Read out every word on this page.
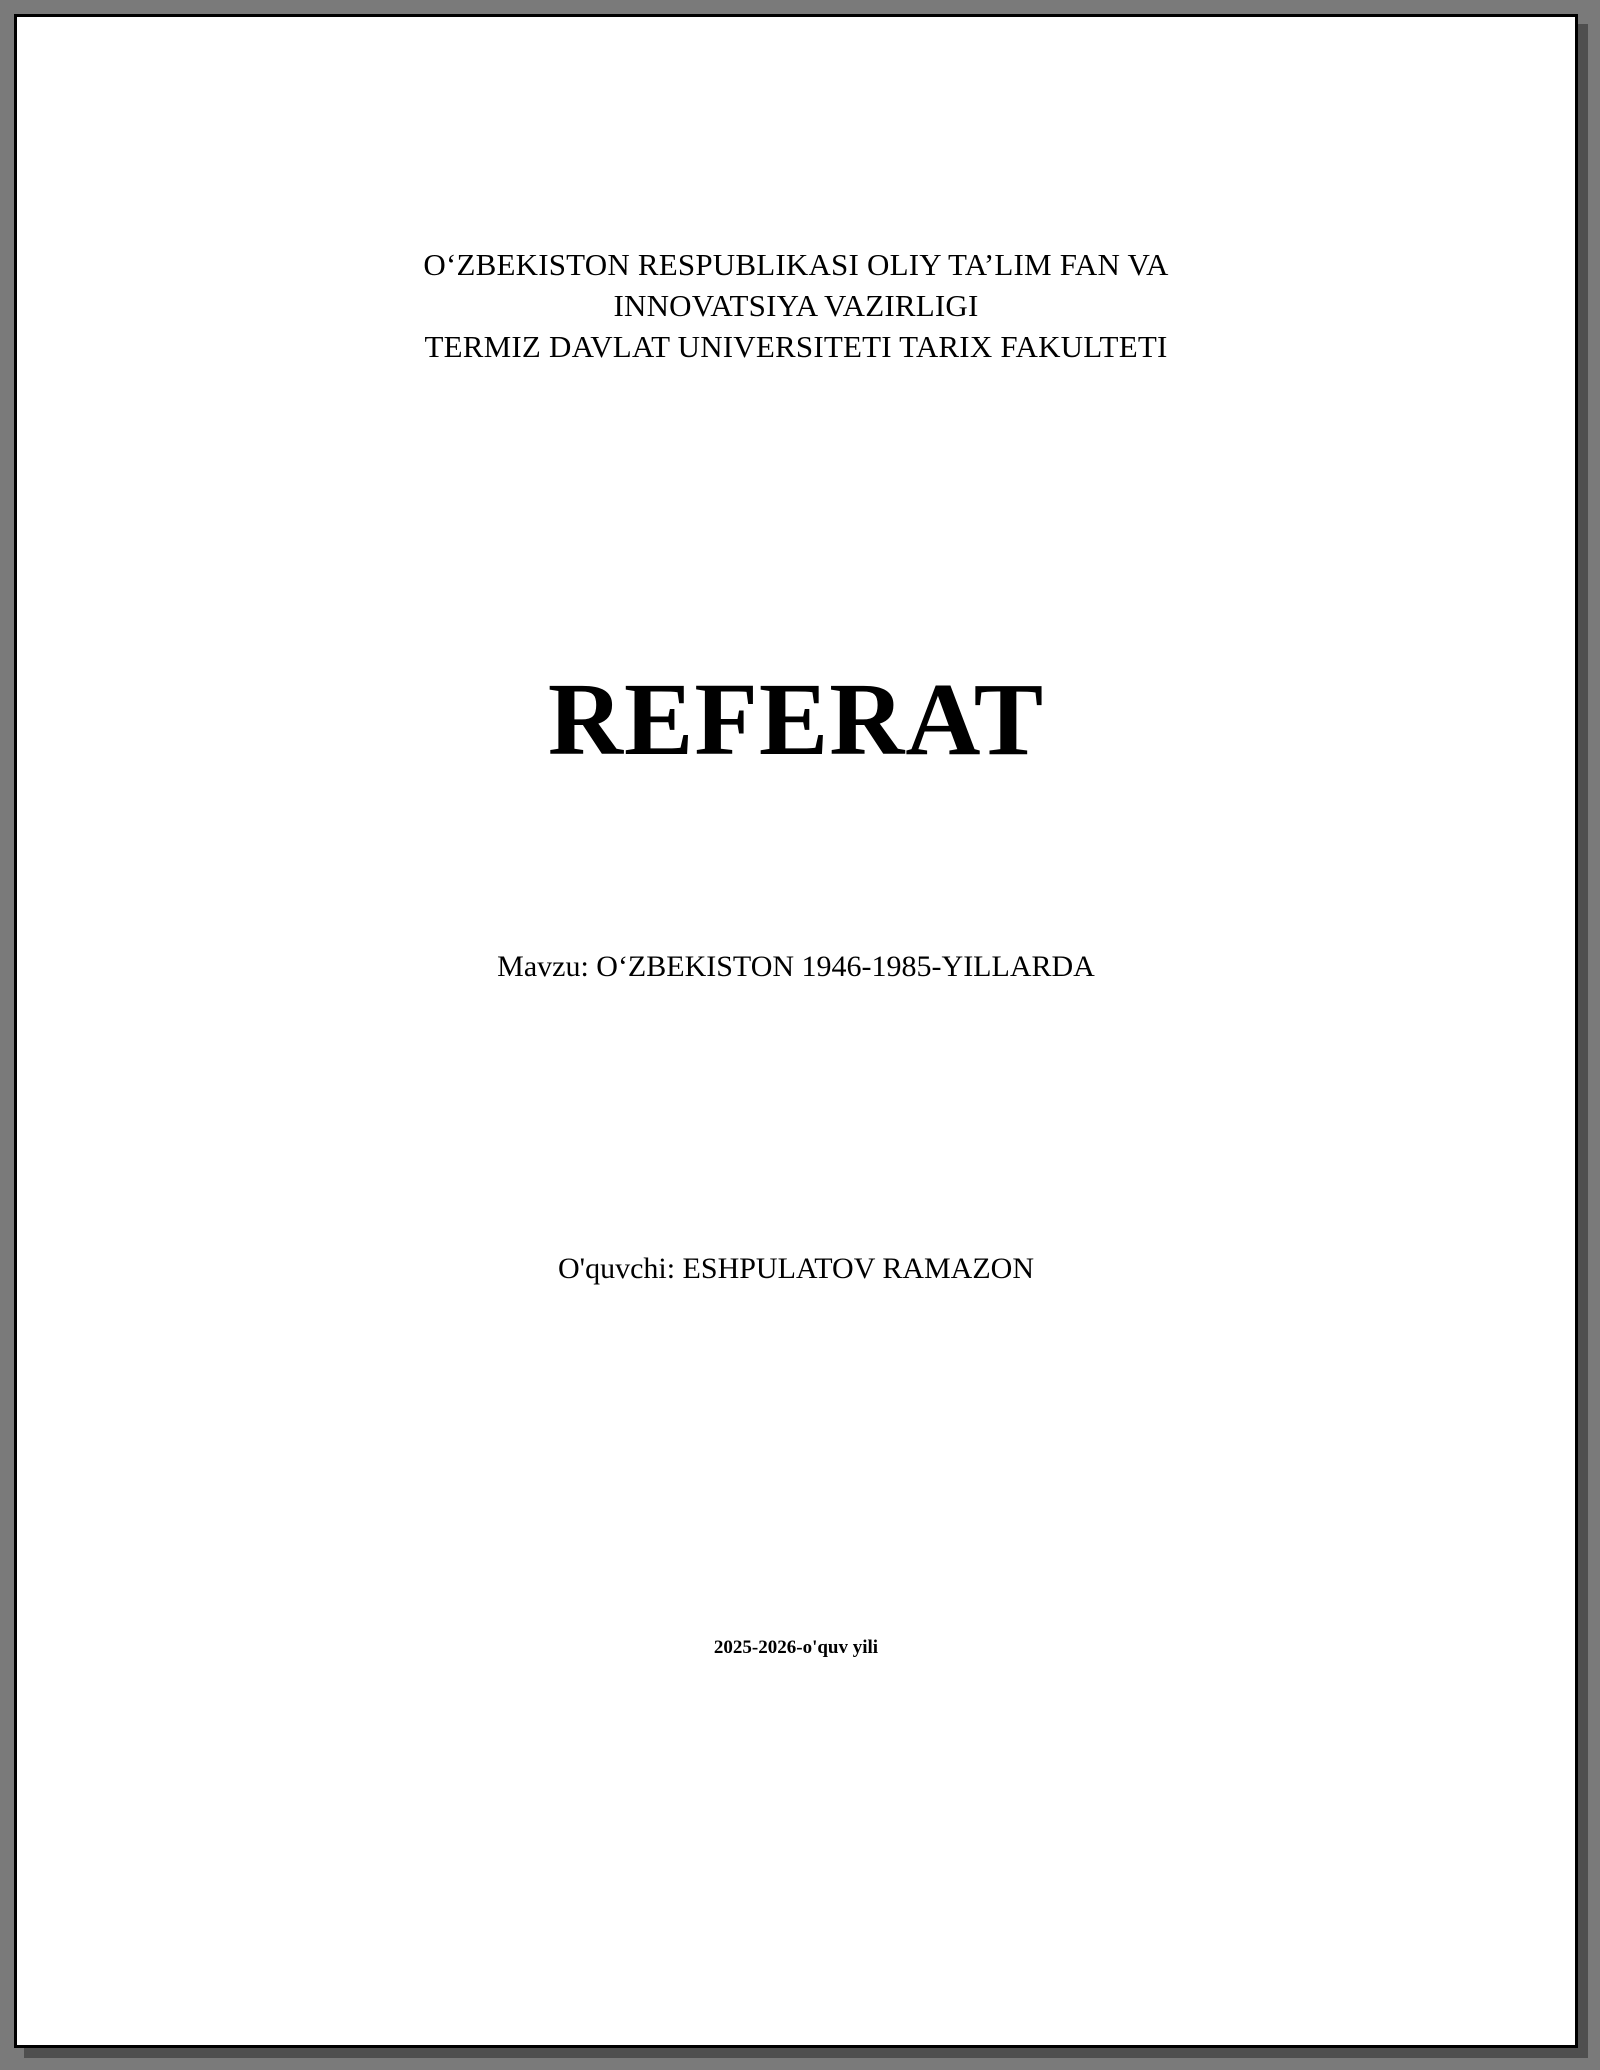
O‘ZBEKISTON RESPUBLIKASI OLIY TA’LIM FAN VA
INNOVATSIYA VAZIRLIGI
TERMIZ DAVLAT UNIVERSITETI TARIX FAKULTETI
REFERAT
Mavzu: O‘ZBEKISTON 1946-1985-YILLARDA
O'quvchi: ESHPULATOV RAMAZON
2025-2026-o'quv yili
